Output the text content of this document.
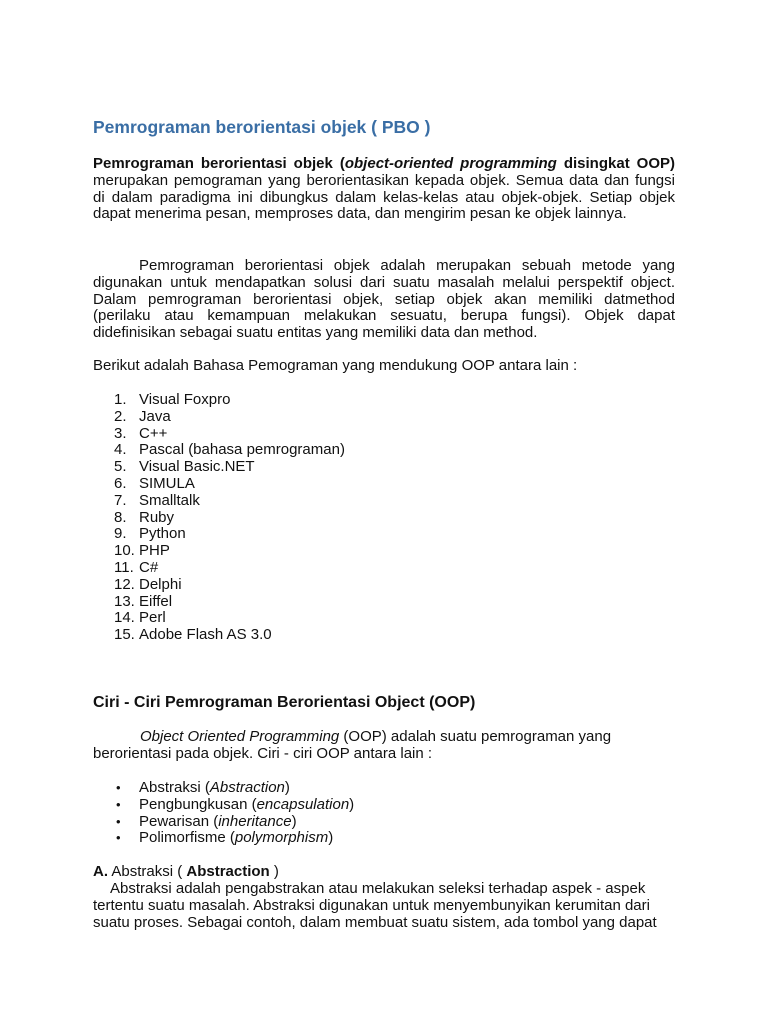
Pemrograman berorientasi objek ( PBO )

Pemrograman berorientasi objek (object-oriented programming disingkat OOP) merupakan pemograman yang berorientasikan kepada objek. Semua data dan fungsi di dalam paradigma ini dibungkus dalam kelas-kelas atau objek-objek. Setiap objek dapat menerima pesan, memproses data, dan mengirim pesan ke objek lainnya.

Pemrograman berorientasi objek adalah merupakan sebuah metode yang digunakan untuk mendapatkan solusi dari suatu masalah melalui perspektif object. Dalam pemrograman berorientasi objek, setiap objek akan memiliki datmethod (perilaku atau kemampuan melakukan sesuatu, berupa fungsi). Objek dapat didefinisikan sebagai suatu entitas yang memiliki data dan method.

Berikut adalah Bahasa Pemograman yang mendukung OOP antara lain :

1. Visual Foxpro
2. Java
3. C++
4. Pascal (bahasa pemrograman)
5. Visual Basic.NET
6. SIMULA
7. Smalltalk
8. Ruby
9. Python
10. PHP
11. C#
12. Delphi
13. Eiffel
14. Perl
15. Adobe Flash AS 3.0
Ciri - Ciri Pemrograman Berorientasi Object (OOP)

Object Oriented Programming (OOP) adalah suatu pemrograman yang berorientasi pada objek. Ciri - ciri OOP antara lain :

• Abstraksi (Abstraction)
• Pengbungkusan (encapsulation)
• Pewarisan (inheritance)
• Polimorfisme (polymorphism)

A. Abstraksi ( Abstraction )

Abstraksi adalah pengabstrakan atau melakukan seleksi terhadap aspek - aspek tertentu suatu masalah. Abstraksi digunakan untuk menyembunyikan kerumitan dari suatu proses. Sebagai contoh, dalam membuat suatu sistem, ada tombol yang dapat
